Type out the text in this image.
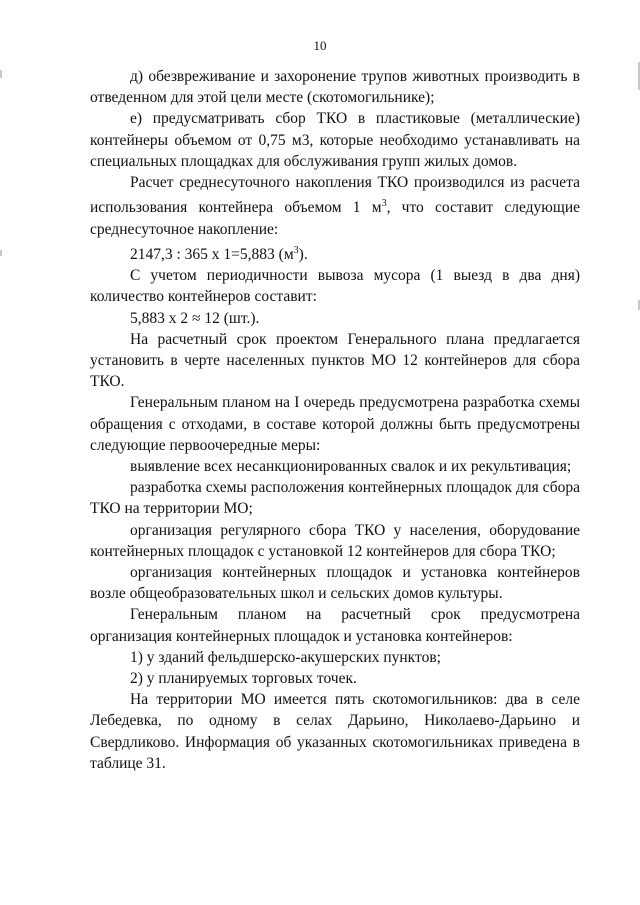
10

д) обезвреживание и захоронение трупов животных производить в отведенном для этой цели месте (скотомогильнике);

е) предусматривать сбор ТКО в пластиковые (металлические) контейнеры объемом от 0,75 м3, которые необходимо устанавливать на специальных площадках для обслуживания групп жилых домов.

Расчет среднесуточного накопления ТКО производился из расчета использования контейнера объемом 1 $м^3$, что составит следующие среднесуточное накопление:

2147,3 : 365 х 1=5,883 $(м^3)$.

С учетом периодичности вывоза мусора (1 выезд в два дня) количество контейнеров составит:

5,883 х 2 ≈ 12 (шт.).

На расчетный срок проектом Генерального плана предлагается установить в черте населенных пунктов МО 12 контейнеров для сбора ТКО.

Генеральным планом на I очередь предусмотрена разработка схемы обращения с отходами, в составе которой должны быть предусмотрены следующие первоочередные меры:

выявление всех несанкционированных свалок и их рекультивация;

разработка схемы расположения контейнерных площадок для сбора ТКО на территории МО;

организация регулярного сбора ТКО у населения, оборудование контейнерных площадок с установкой 12 контейнеров для сбора ТКО;

организация контейнерных площадок и установка контейнеров возле общеобразовательных школ и сельских домов культуры.

Генеральным планом на расчетный срок предусмотрена организация контейнерных площадок и установка контейнеров:

1) у зданий фельдшерско-акушерских пунктов;

2) у планируемых торговых точек.

На территории МО имеется пять скотомогильников: два в селе Лебедевка, по одному в селах Дарьино, Николаево-Дарьино и Свердликово. Информация об указанных скотомогильниках приведена в таблице 31.
